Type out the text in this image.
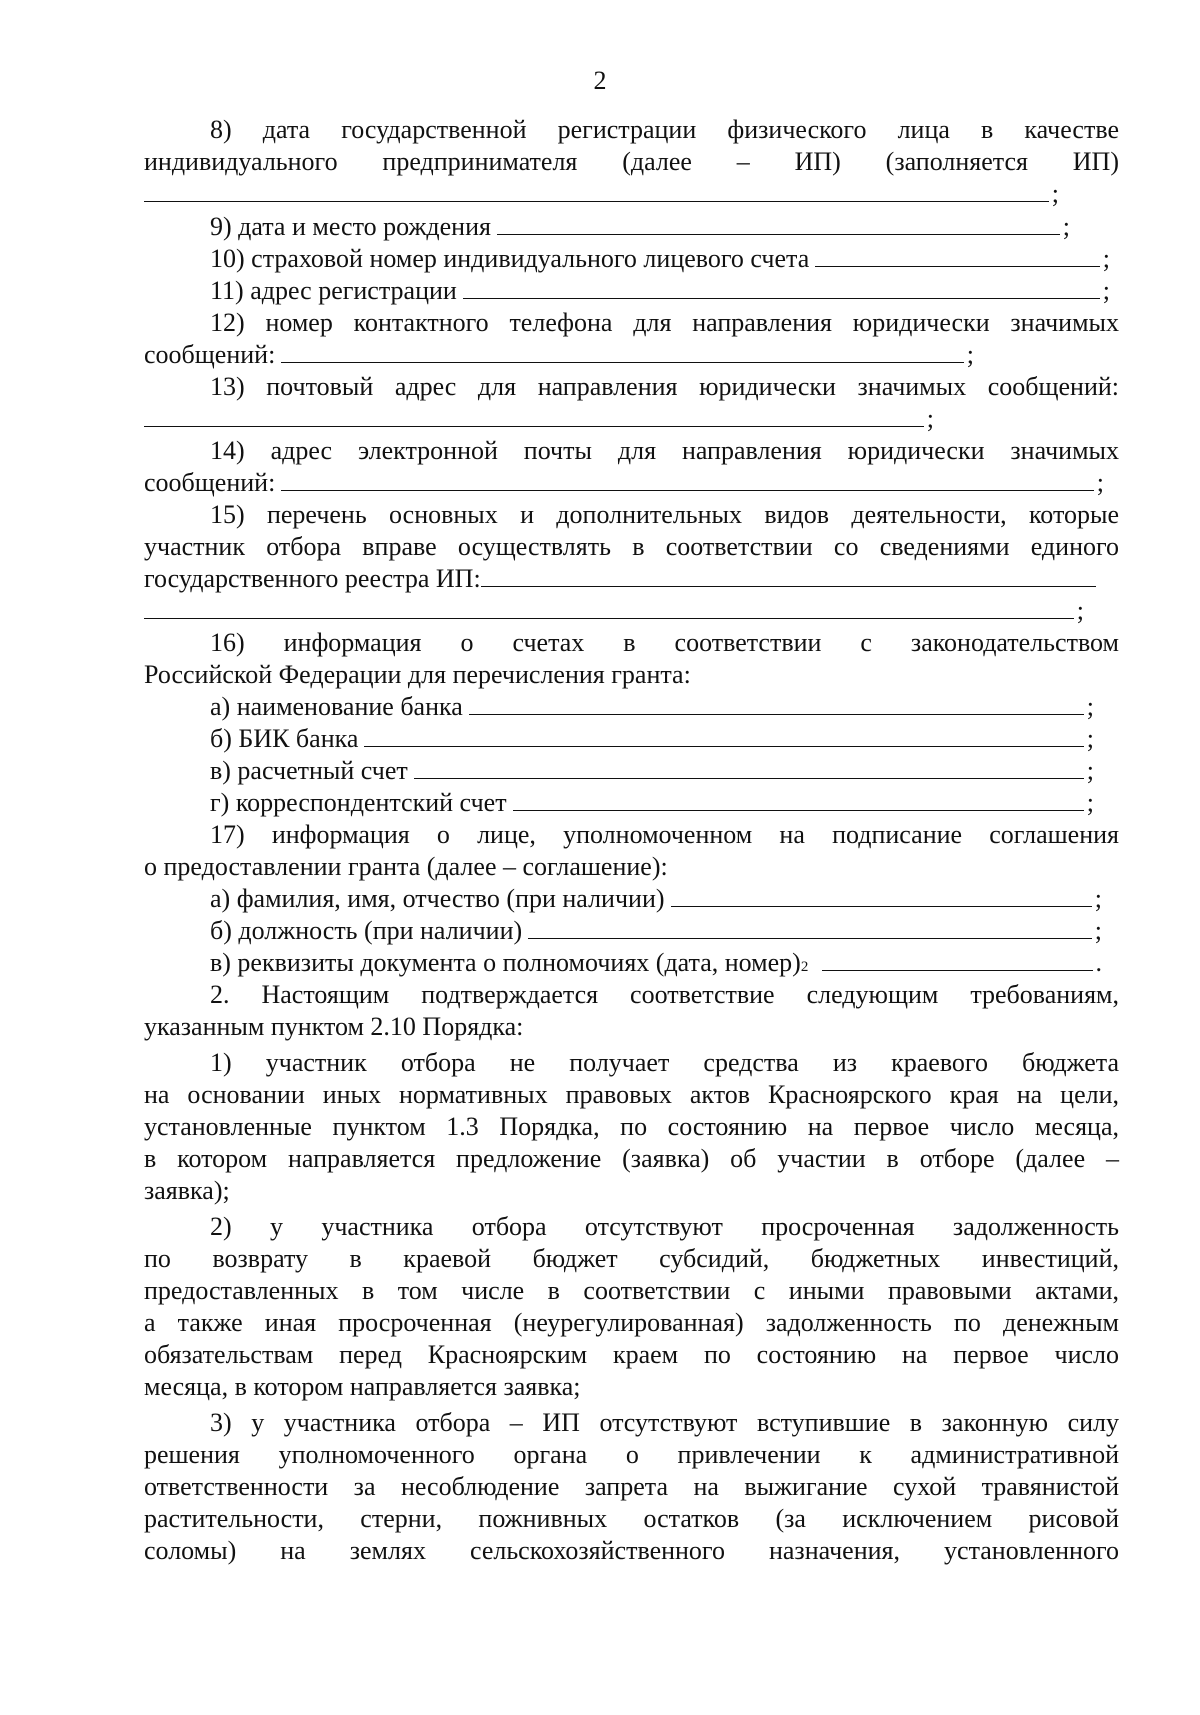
2
8) дата государственной регистрации физического лица в качестве
индивидуального предпринимателя (далее – ИП) (заполняется ИП)
;
9) дата и место рождения	;
10) страховой номер индивидуального лицевого счета	;
11) адрес регистрации	;
12) номер контактного телефона для направления юридически значимых
сообщений:	;
13) почтовый адрес для направления юридически значимых сообщений:
;
14) адрес электронной почты для направления юридически значимых
сообщений:	;
15) перечень основных и дополнительных видов деятельности, которые
участник отбора вправе осуществлять в соответствии со сведениями единого
государственного реестра ИП:
;
16) информация о счетах в соответствии с законодательством
Российской Федерации для перечисления гранта:
а) наименование банка	;
б) БИК банка	;
в) расчетный счет	;
г) корреспондентский счет	;
17) информация о лице, уполномоченном на подписание соглашения
о предоставлении гранта (далее – соглашение):
а) фамилия, имя, отчество (при наличии)	;
б) должность (при наличии)	;
в) реквизиты документа о полномочиях (дата, номер) 2	.
2. Настоящим подтверждается соответствие следующим требованиям,
указанным пунктом 2.10 Порядка:
1) участник отбора не получает средства из краевого бюджета
на основании иных нормативных правовых актов Красноярского края на цели,
установленные пунктом 1.3 Порядка, по состоянию на первое число месяца,
в котором направляется предложение (заявка) об участии в отборе (далее –
заявка);
2) у участника отбора отсутствуют просроченная задолженность
по возврату в краевой бюджет субсидий, бюджетных инвестиций,
предоставленных в том числе в соответствии с иными правовыми актами,
а также иная просроченная (неурегулированная) задолженность по денежным
обязательствам перед Красноярским краем по состоянию на первое число
месяца, в котором направляется заявка;
3) у участника отбора – ИП отсутствуют вступившие в законную силу
решения уполномоченного органа о привлечении к административной
ответственности за несоблюдение запрета на выжигание сухой травянистой
растительности, стерни, пожнивных остатков (за исключением рисовой
соломы) на землях сельскохозяйственного назначения, установленного
